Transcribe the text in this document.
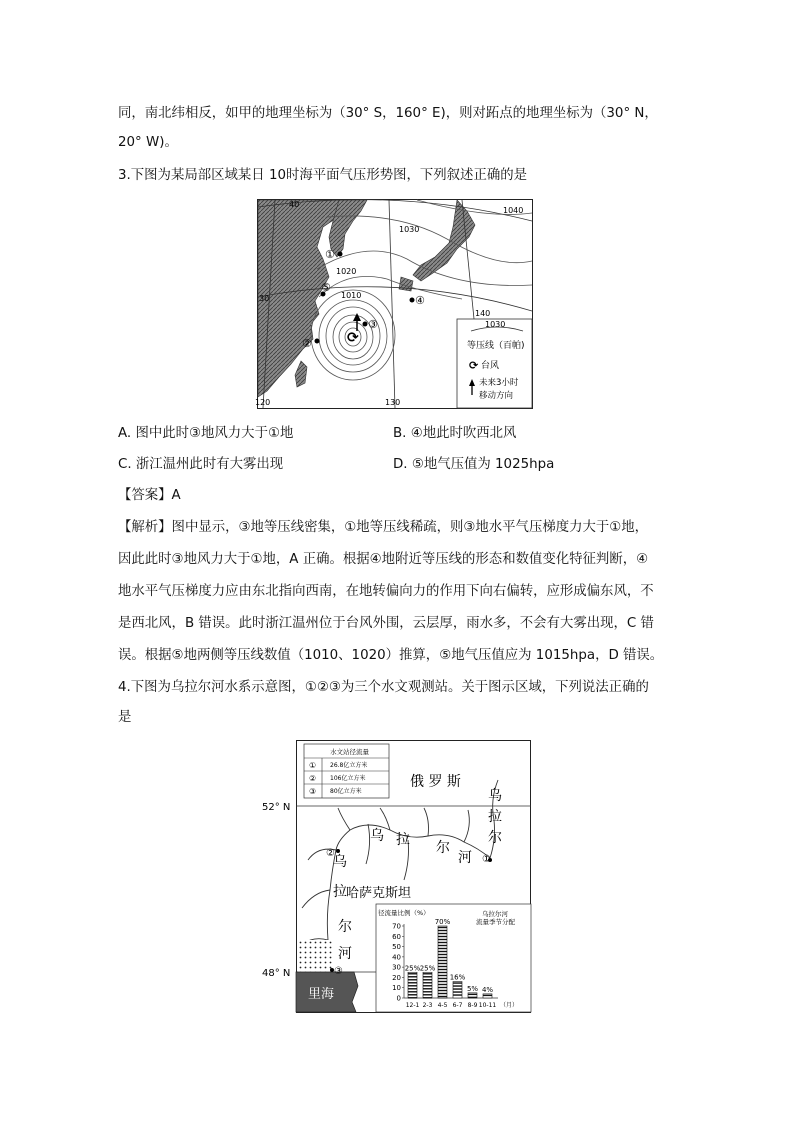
同，南北纬相反，如甲的地理坐标为（30° S，160° E)，则对跖点的地理坐标为（30° N，
20° W)。
3.下图为某局部区域某日 10时海平面气压形势图，下列叙述正确的是
⟳
①
②
③
④
⑤
1040
1030
1020
1010
40
30
120	130
140
1030
等压线（百帕)
⟳ 台风
未来3小时
移动方向
A. 图中此时③地风力大于①地	B. ④地此时吹西北风
C. 浙江温州此时有大雾出现	D. ⑤地气压值为 1025hpa
【答案】A
【解析】图中显示，③地等压线密集，①地等压线稀疏，则③地水平气压梯度力大于①地，
因此此时③地风力大于①地，A 正确。根据④地附近等压线的形态和数值变化特征判断，④
地水平气压梯度力应由东北指向西南，在地转偏向力的作用下向右偏转，应形成偏东风，不
是西北风，B 错误。此时浙江温州位于台风外围，云层厚，雨水多，不会有大雾出现，C 错
误。根据⑤地两侧等压线数值（1010、1020）推算，⑤地气压值应为 1015hpa，D 错误。
4.下图为乌拉尔河水系示意图，①②③为三个水文观测站。关于图示区域，下列说法正确的
是
52° N
48° N
水文站径流量
① 26.8亿立方米
② 106亿立方米
③ 80亿立方米
里海
①
②
③
俄 罗 斯
乌
拉
尔
乌 拉 尔
河
乌
拉
尔
河
哈萨克斯坦
径流量比例（%）	乌拉尔河
流量季节分配
0
10
20
30
40
50
60
70
25%
12-1
25%
2-3
70%
4-5
16%
6-7
5%
8-9
4%
10-11 （月）
